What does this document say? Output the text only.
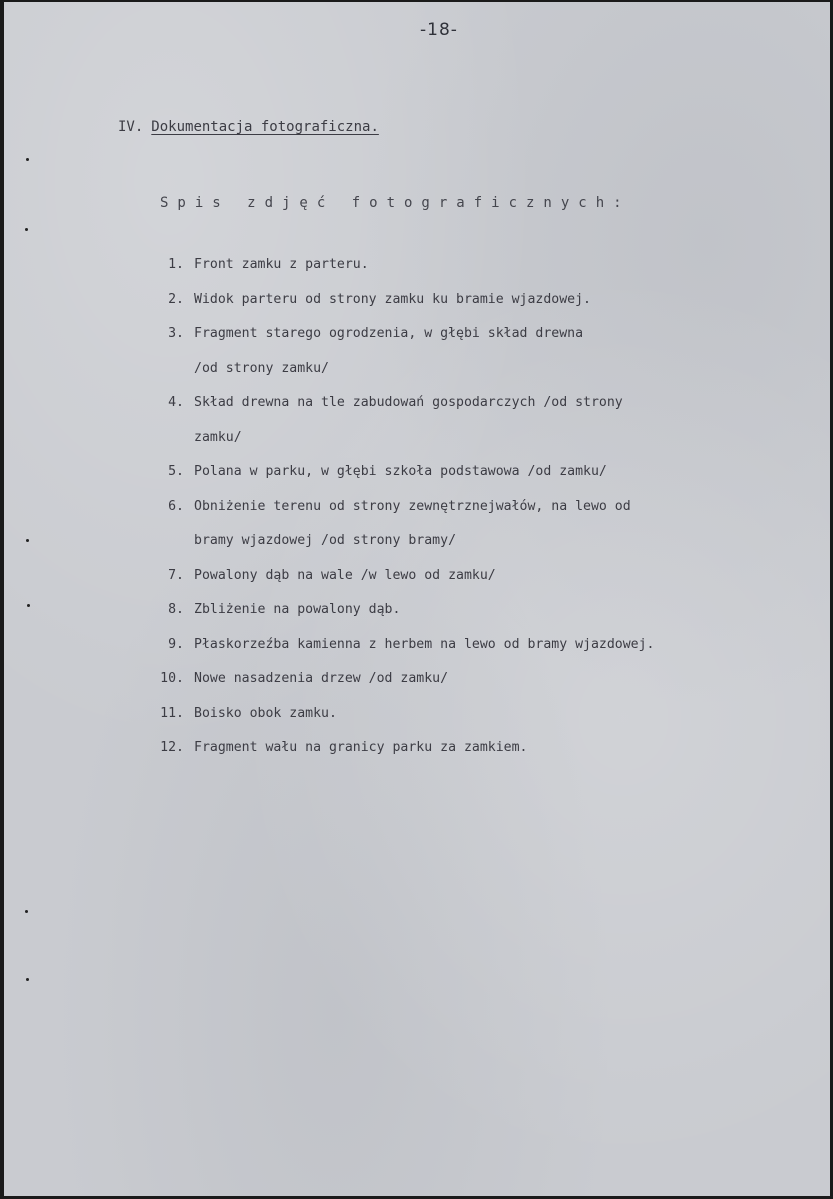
-18-
IV. Dokumentacja fotograficzna.
Spis zdjęć fotograficznych:
1. Front zamku z parteru.
2. Widok parteru od strony zamku ku bramie wjazdowej.
3. Fragment starego ogrodzenia, w głębi skład drewna
/od strony zamku/
4. Skład drewna na tle zabudowań gospodarczych /od strony
zamku/
5. Polana w parku, w głębi szkoła podstawowa /od zamku/
6. Obniżenie terenu od strony zewnętrznejwałów, na lewo od
bramy wjazdowej /od strony bramy/
7. Powalony dąb na wale /w lewo od zamku/
8. Zbliżenie na powalony dąb.
9. Płaskorzeźba kamienna z herbem na lewo od bramy wjazdowej.
10. Nowe nasadzenia drzew /od zamku/
11. Boisko obok zamku.
12. Fragment wału na granicy parku za zamkiem.
